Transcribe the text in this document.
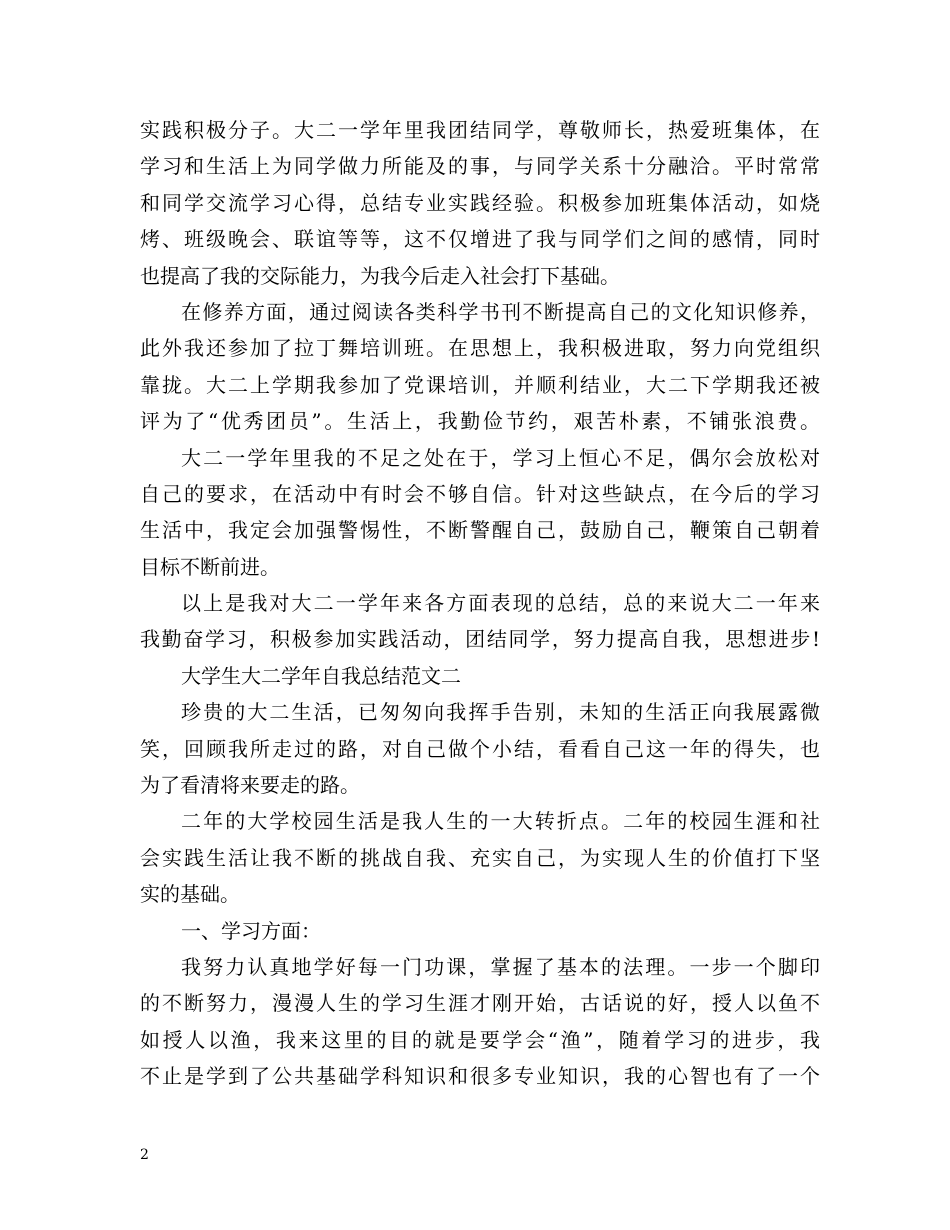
实践积极分子。大二一学年里我团结同学，尊敬师长，热爱班集体，在
学习和生活上为同学做力所能及的事，与同学关系十分融洽。平时常常
和同学交流学习心得，总结专业实践经验。积极参加班集体活动，如烧
烤、班级晚会、联谊等等，这不仅增进了我与同学们之间的感情，同时
也提高了我的交际能力，为我今后走入社会打下基础。
在修养方面，通过阅读各类科学书刊不断提高自己的文化知识修养，
此外我还参加了拉丁舞培训班。在思想上，我积极进取，努力向党组织
靠拢。大二上学期我参加了党课培训，并顺利结业，大二下学期我还被
评为了“优秀团员”。生活上，我勤俭节约，艰苦朴素，不铺张浪费。
大二一学年里我的不足之处在于，学习上恒心不足，偶尔会放松对
自己的要求，在活动中有时会不够自信。针对这些缺点，在今后的学习
生活中，我定会加强警惕性，不断警醒自己，鼓励自己，鞭策自己朝着
目标不断前进。
以上是我对大二一学年来各方面表现的总结，总的来说大二一年来
我勤奋学习，积极参加实践活动，团结同学，努力提高自我，思想进步!
大学生大二学年自我总结范文二
珍贵的大二生活，已匆匆向我挥手告别，未知的生活正向我展露微
笑，回顾我所走过的路，对自己做个小结，看看自己这一年的得失，也
为了看清将来要走的路。
二年的大学校园生活是我人生的一大转折点。二年的校园生涯和社
会实践生活让我不断的挑战自我、充实自己，为实现人生的价值打下坚
实的基础。
一、学习方面：
我努力认真地学好每一门功课，掌握了基本的法理。一步一个脚印
的不断努力，漫漫人生的学习生涯才刚开始，古话说的好，授人以鱼不
如授人以渔，我来这里的目的就是要学会“渔”，随着学习的进步，我
不止是学到了公共基础学科知识和很多专业知识，我的心智也有了一个
2
